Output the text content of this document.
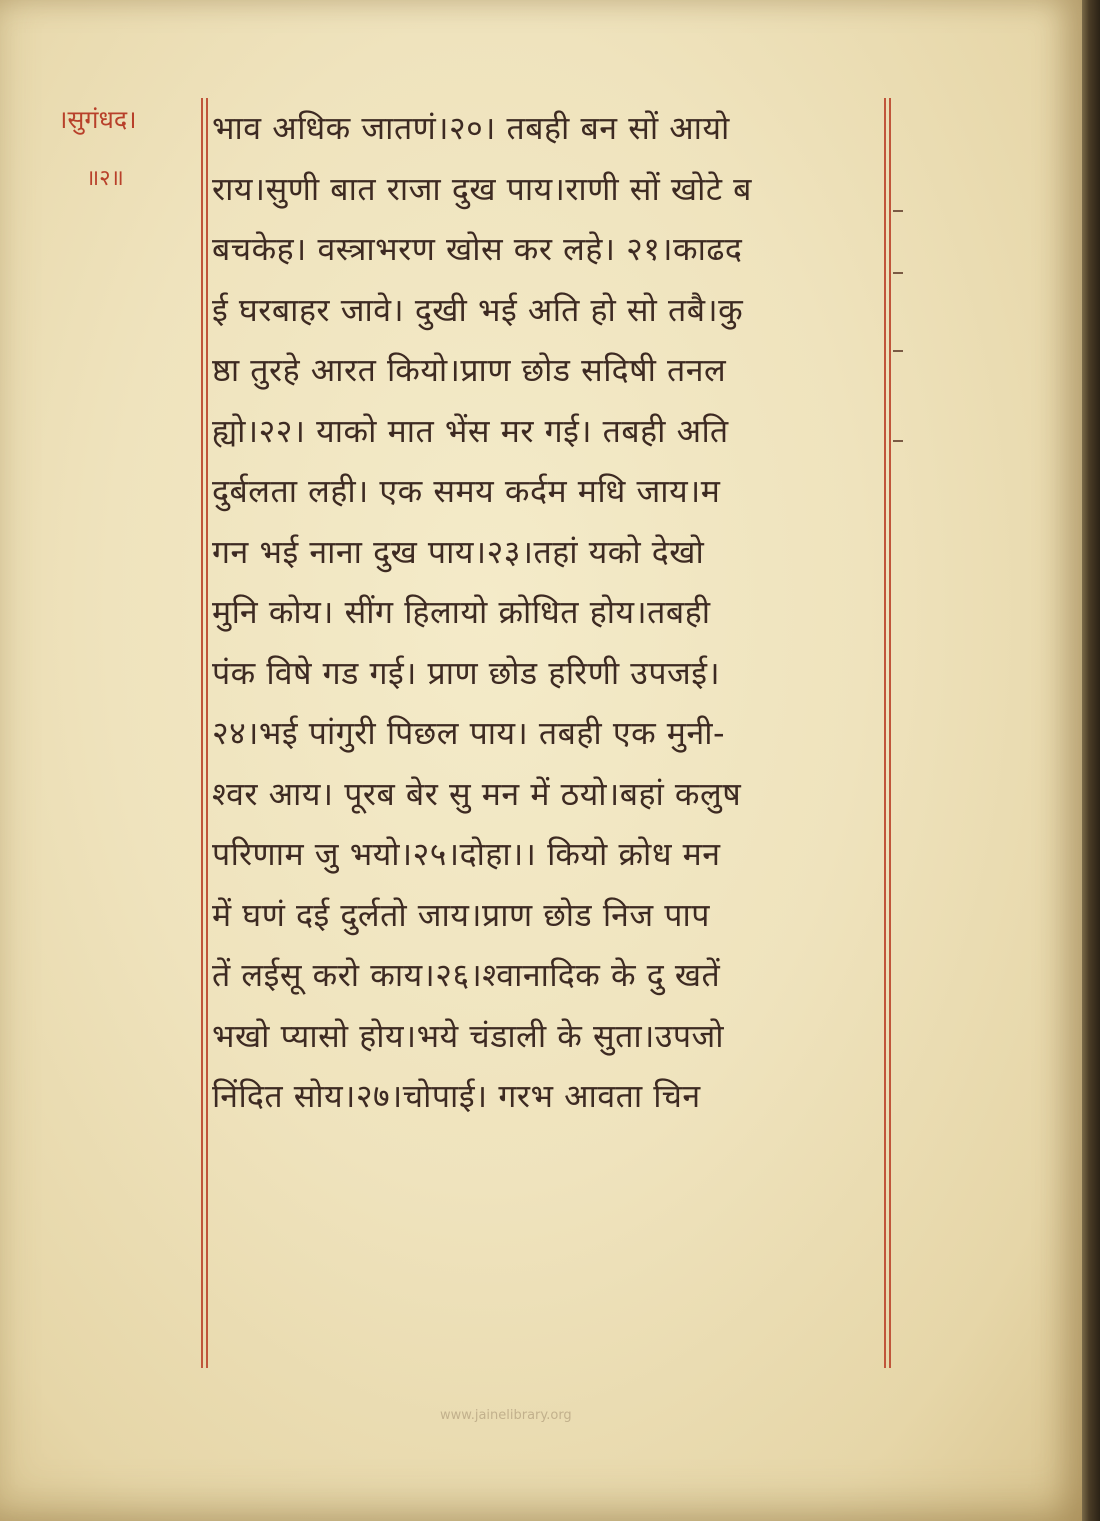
।सुगंधद।
॥२॥
भाव अधिक जातणं।२०। तबही बन सों आयो
राय।सुणी बात राजा दुख पाय।राणी सों खोटे ब
बचकेह। वस्त्राभरण खोस कर लहे। २१।काढद
ई घरबाहर जावे। दुखी भई अति हो सो तबै।कु
ष्ठा तुरहे आरत कियो।प्राण छोड सदिषी तनल
ह्यो।२२। याको मात भेंस मर गई। तबही अति
दुर्बलता लही। एक समय कर्दम मधि जाय।म
गन भई नाना दुख पाय।२३।तहां यको देखो
मुनि कोय। सींग हिलायो क्रोधित होय।तबही
पंक विषे गड गई। प्राण छोड हरिणी उपजई।
२४।भई पांगुरी पिछल पाय। तबही एक मुनी-
श्वर आय। पूरब बेर सु मन में ठयो।बहां कलुष
परिणाम जु भयो।२५।दोहा।। कियो क्रोध मन
में घणं दई दुर्लतो जाय।प्राण छोड निज पाप
तें लईसू करो काय।२६।श्वानादिक के दु खतें
भखो प्यासो होय।भये चंडाली के सुता।उपजो
निंदित सोय।२७।चोपाई। गरभ आवता चिन
www.jainelibrary.org
